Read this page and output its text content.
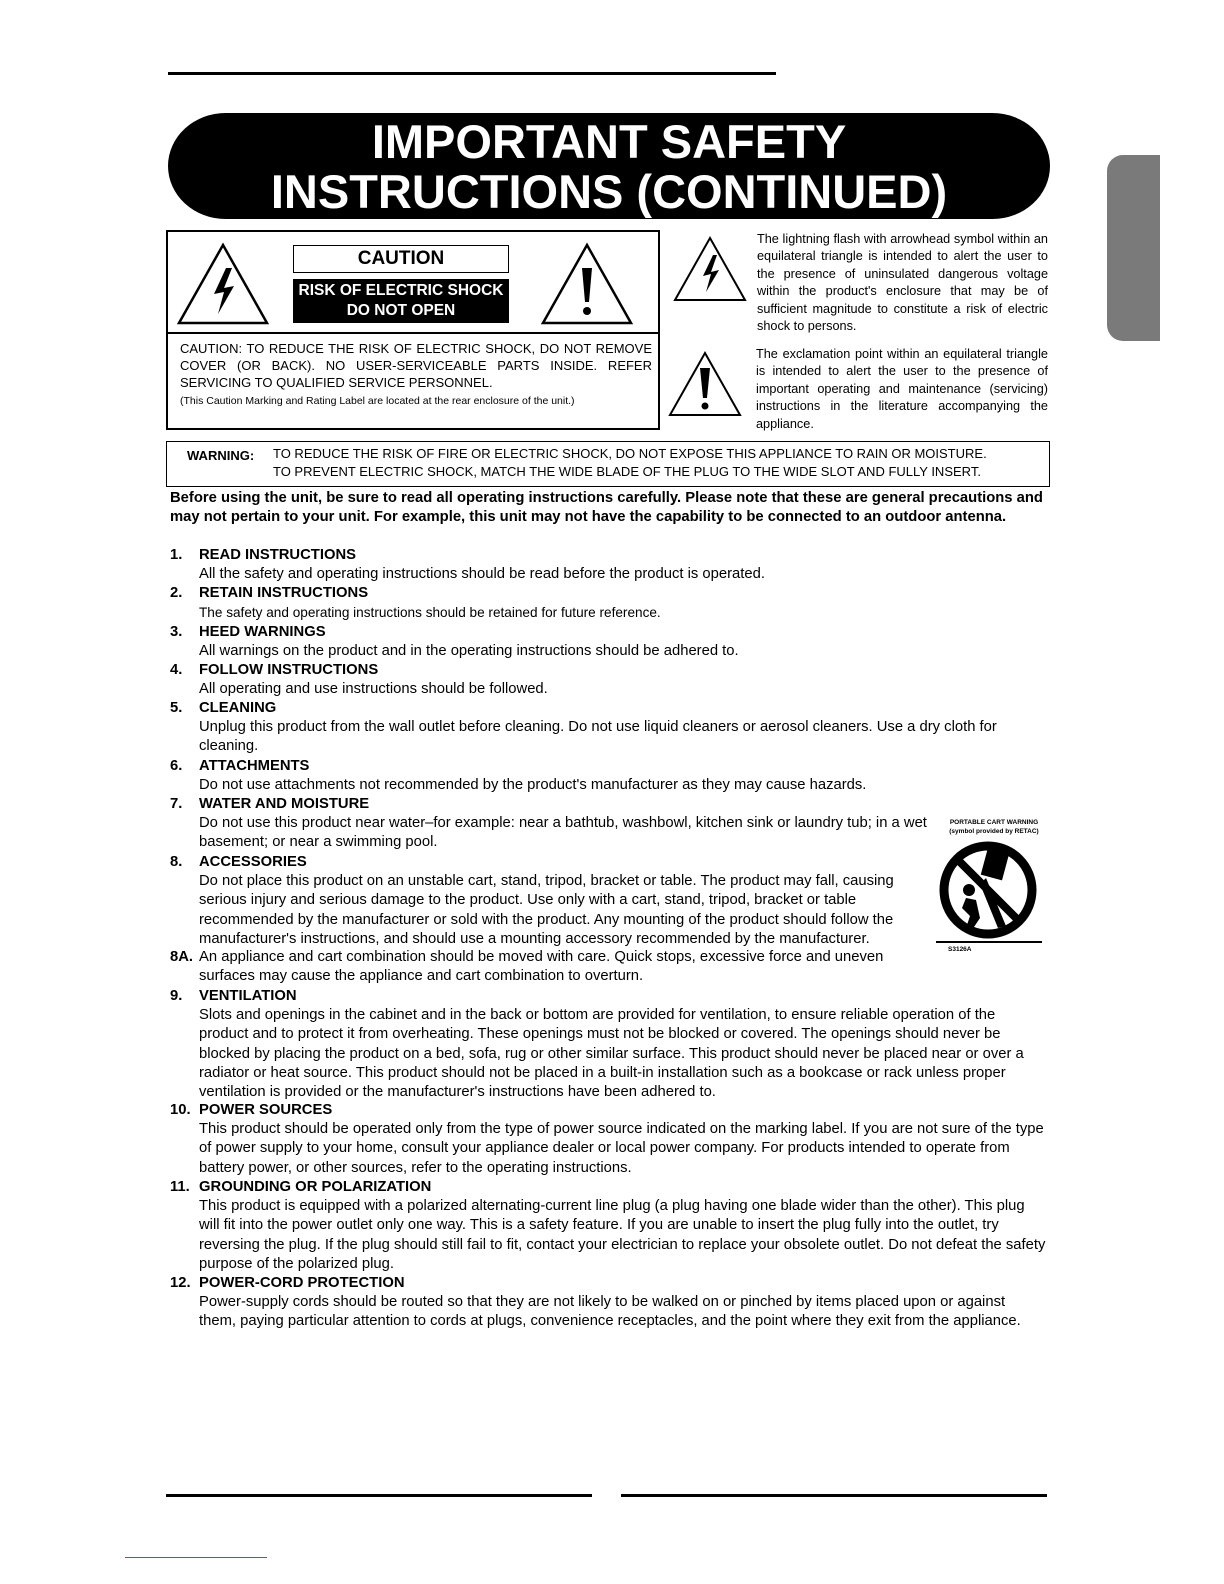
IMPORTANT SAFETY
INSTRUCTIONS (CONTINUED)
CAUTION
RISK OF ELECTRIC SHOCK
DO NOT OPEN
CAUTION: TO REDUCE THE RISK OF ELECTRIC SHOCK, DO NOT REMOVE COVER (OR BACK). NO USER-SERVICEABLE PARTS INSIDE. REFER SERVICING TO QUALIFIED SERVICE PERSONNEL.
(This Caution Marking and Rating Label are located at the rear enclosure of the unit.)
The lightning flash with arrowhead symbol within an equilateral triangle is intended to alert the user to the presence of uninsulated dangerous voltage within the product's enclosure that may be of sufficient magnitude to constitute a risk of electric shock to persons.
The exclamation point within an equilateral triangle is intended to alert the user to the presence of important operating and maintenance (servicing) instructions in the literature accompanying the appliance.
WARNING: TO REDUCE THE RISK OF FIRE OR ELECTRIC SHOCK, DO NOT EXPOSE THIS APPLIANCE TO RAIN OR MOISTURE.
TO PREVENT ELECTRIC SHOCK, MATCH THE WIDE BLADE OF THE PLUG TO THE WIDE SLOT AND FULLY INSERT.
Before using the unit, be sure to read all operating instructions carefully. Please note that these are general precautions and may not pertain to your unit. For example, this unit may not have the capability to be connected to an outdoor antenna.
1.	READ INSTRUCTIONS
All the safety and operating instructions should be read before the product is operated.
2.	RETAIN INSTRUCTIONS
The safety and operating instructions should be retained for future reference.
3.	HEED WARNINGS
All warnings on the product and in the operating instructions should be adhered to.
4.	FOLLOW INSTRUCTIONS
All operating and use instructions should be followed.
5.	CLEANING
Unplug this product from the wall outlet before cleaning. Do not use liquid cleaners or aerosol cleaners. Use a dry cloth for cleaning.
6.	ATTACHMENTS
Do not use attachments not recommended by the product's manufacturer as they may cause hazards.
7.	WATER AND MOISTURE
Do not use this product near water–for example: near a bathtub, washbowl, kitchen sink or laundry tub; in a wet basement; or near a swimming pool.
8.	ACCESSORIES
Do not place this product on an unstable cart, stand, tripod, bracket or table. The product may fall, causing serious injury and serious damage to the product. Use only with a cart, stand, tripod, bracket or table recommended by the manufacturer or sold with the product. Any mounting of the product should follow the manufacturer's instructions, and should use a mounting accessory recommended by the manufacturer.
8A. An appliance and cart combination should be moved with care. Quick stops, excessive force and uneven surfaces may cause the appliance and cart combination to overturn.
9.	VENTILATION
Slots and openings in the cabinet and in the back or bottom are provided for ventilation, to ensure reliable operation of the product and to protect it from overheating. These openings must not be blocked or covered. The openings should never be blocked by placing the product on a bed, sofa, rug or other similar surface. This product should never be placed near or over a radiator or heat source. This product should not be placed in a built-in installation such as a bookcase or rack unless proper ventilation is provided or the manufacturer's instructions have been adhered to.
10. POWER SOURCES
This product should be operated only from the type of power source indicated on the marking label. If you are not sure of the type of power supply to your home, consult your appliance dealer or local power company. For products intended to operate from battery power, or other sources, refer to the operating instructions.
11. GROUNDING OR POLARIZATION
This product is equipped with a polarized alternating-current line plug (a plug having one blade wider than the other). This plug will fit into the power outlet only one way. This is a safety feature. If you are unable to insert the plug fully into the outlet, try reversing the plug. If the plug should still fail to fit, contact your electrician to replace your obsolete outlet. Do not defeat the safety purpose of the polarized plug.
12. POWER-CORD PROTECTION
Power-supply cords should be routed so that they are not likely to be walked on or pinched by items placed upon or against them, paying particular attention to cords at plugs, convenience receptacles, and the point where they exit from the appliance.
PORTABLE CART WARNING
(symbol provided by RETAC)
S3126A
